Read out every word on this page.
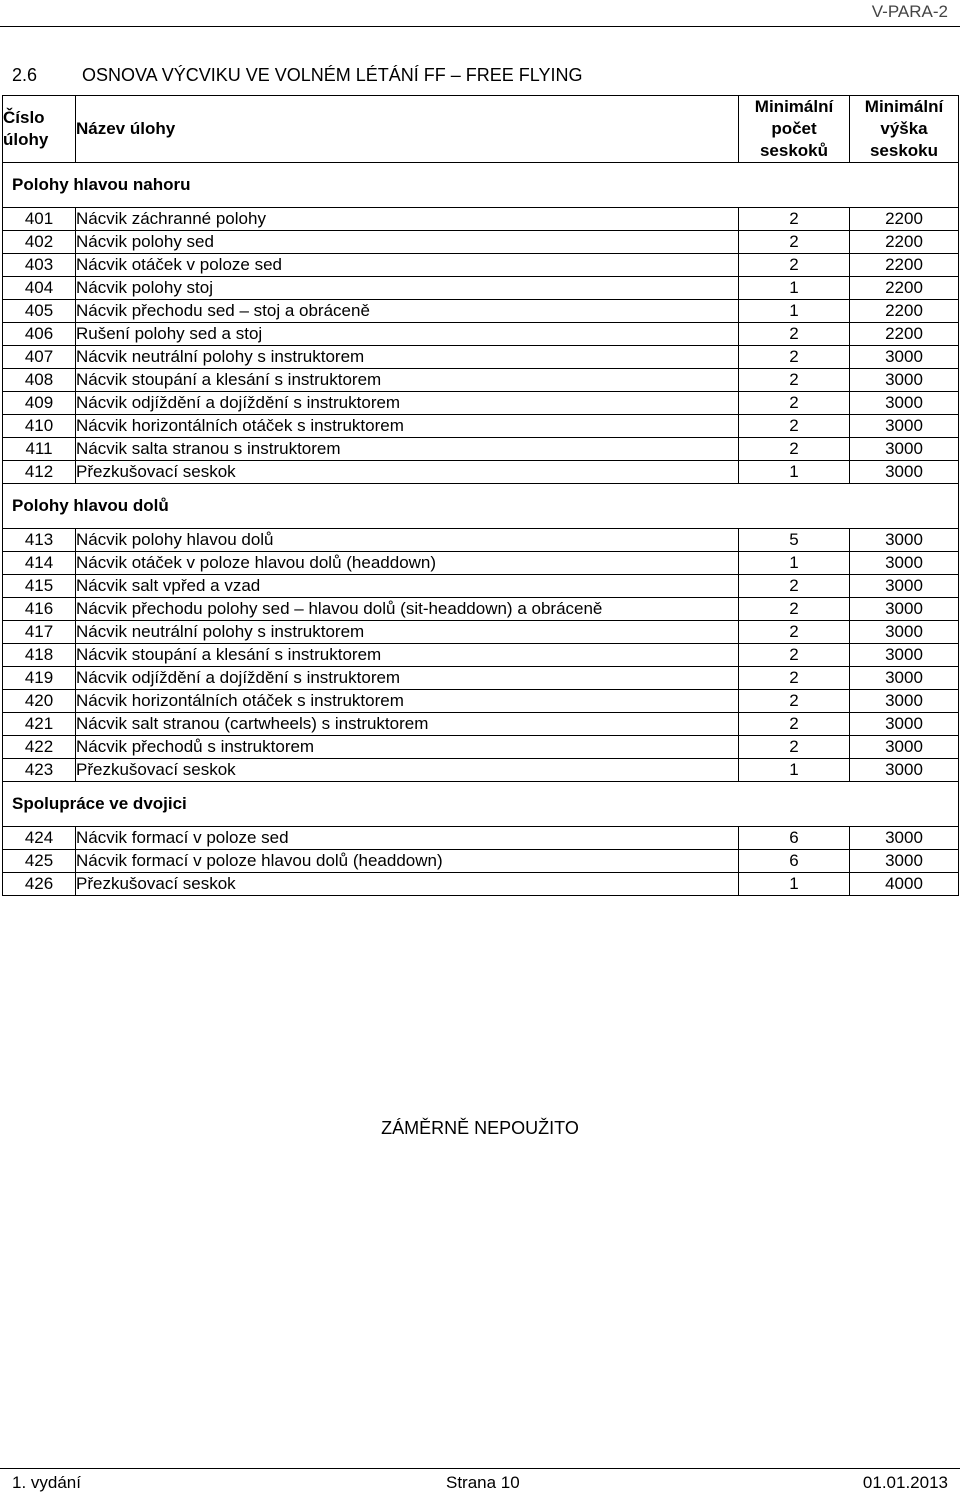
V-PARA-2
2.6 OSNOVA VÝCVIKU VE VOLNÉM LÉTÁNÍ FF – FREE FLYING
Číslo úlohy	Název úlohy	Minimální počet seskoků	Minimální výška seskoku
Polohy hlavou nahoru			

401	Nácvik záchranné polohy	2	2200
402	Nácvik polohy sed	2	2200
403	Nácvik otáček v poloze sed	2	2200
404	Nácvik polohy stoj	1	2200
405	Nácvik přechodu sed – stoj a obráceně	1	2200
406	Rušení polohy sed a stoj	2	2200
407	Nácvik neutrální polohy s instruktorem	2	3000
408	Nácvik stoupání a klesání s instruktorem	2	3000
409	Nácvik odjíždění a dojíždění s instruktorem	2	3000
410	Nácvik horizontálních otáček s instruktorem	2	3000
411	Nácvik salta stranou s instruktorem	2	3000
412	Přezkušovací seskok	1	3000
Polohy hlavou dolů			

413	Nácvik polohy hlavou dolů	5	3000
414	Nácvik otáček v poloze hlavou dolů (headdown)	1	3000
415	Nácvik salt vpřed a vzad	2	3000
416	Nácvik přechodu polohy sed – hlavou dolů (sit-headdown) a obráceně	2	3000
417	Nácvik neutrální polohy s instruktorem	2	3000
418	Nácvik stoupání a klesání s instruktorem	2	3000
419	Nácvik odjíždění a dojíždění s instruktorem	2	3000
420	Nácvik horizontálních otáček s instruktorem	2	3000
421	Nácvik salt stranou (cartwheels) s instruktorem	2	3000
422	Nácvik přechodů s instruktorem	2	3000
423	Přezkušovací seskok	1	3000
Spolupráce ve dvojici			

424	Nácvik formací v poloze sed	6	3000
425	Nácvik formací v poloze hlavou dolů (headdown)	6	3000
426	Přezkušovací seskok	1	4000
ZÁMĚRNĚ NEPOUŽITO
1. vydání	Strana 10	01.01.2013
